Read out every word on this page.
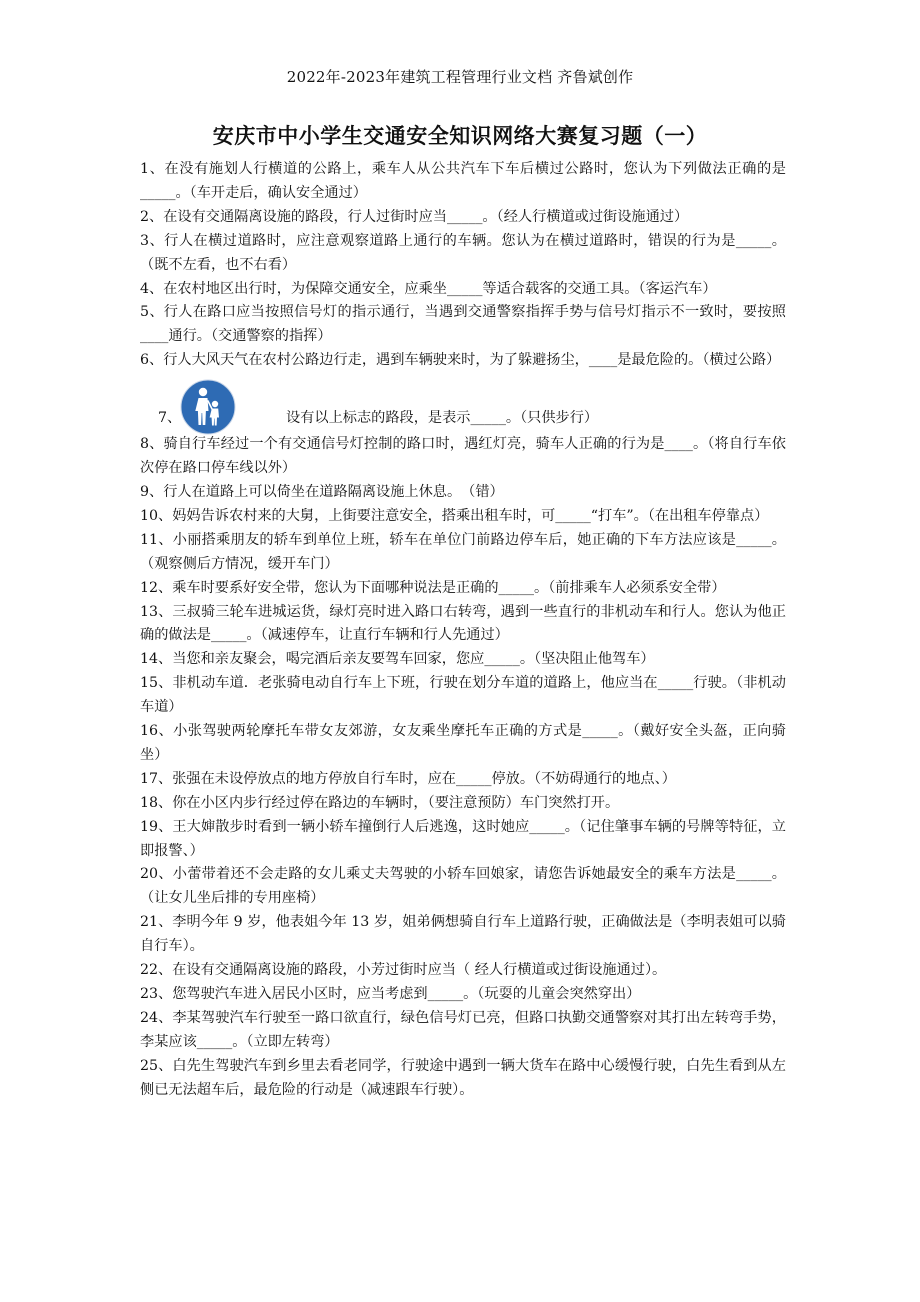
2022年-2023年建筑工程管理行业文档 齐鲁斌创作
安庆市中小学生交通安全知识网络大赛复习题（一）

1、在没有施划人行横道的公路上，乘车人从公共汽车下车后横过公路时，您认为下列做法正确的是_____。（车开走后，确认安全通过）

2、在设有交通隔离设施的路段，行人过街时应当_____。（经人行横道或过街设施通过）

3、行人在横过道路时，应注意观察道路上通行的车辆。您认为在横过道路时，错误的行为是_____。（既不左看，也不右看）

4、在农村地区出行时，为保障交通安全，应乘坐_____等适合载客的交通工具。（客运汽车）

5、行人在路口应当按照信号灯的指示通行，当遇到交通警察指挥手势与信号灯指示不一致时，要按照____通行。（交通警察的指挥）

6、行人大风天气在农村公路边行走，遇到车辆驶来时，为了躲避扬尘，____是最危险的。（横过公路）

7、	设有以上标志的路段，是表示_____。（只供步行）

8、骑自行车经过一个有交通信号灯控制的路口时，遇红灯亮，骑车人正确的行为是____。（将自行车依次停在路口停车线以外）

9、行人在道路上可以倚坐在道路隔离设施上休息。　（错）

10、妈妈告诉农村来的大舅，上街要注意安全，搭乘出租车时，可_____“打车”。（在出租车停靠点）

11、小丽搭乘朋友的轿车到单位上班，轿车在单位门前路边停车后，她正确的下车方法应该是_____。（观察侧后方情况，缓开车门）

12、乘车时要系好安全带，您认为下面哪种说法是正确的_____。（前排乘车人必须系安全带）

13、三叔骑三轮车进城运货，绿灯亮时进入路口右转弯，遇到一些直行的非机动车和行人。您认为他正确的做法是_____。（减速停车，让直行车辆和行人先通过）

14、当您和亲友聚会，喝完酒后亲友要驾车回家，您应_____。（坚决阻止他驾车）

15、非机动车道．老张骑电动自行车上下班，行驶在划分车道的道路上，他应当在_____行驶。（非机动车道）

16、小张驾驶两轮摩托车带女友郊游，女友乘坐摩托车正确的方式是_____。（戴好安全头盔，正向骑坐）

17、张强在未设停放点的地方停放自行车时，应在_____停放。（不妨碍通行的地点、）

18、你在小区内步行经过停在路边的车辆时，（要注意预防）车门突然打开。

19、王大婶散步时看到一辆小轿车撞倒行人后逃逸，这时她应_____。（记住肇事车辆的号牌等特征，立即报警、）

20、小蕾带着还不会走路的女儿乘丈夫驾驶的小轿车回娘家，请您告诉她最安全的乘车方法是_____。（让女儿坐后排的专用座椅）

21、李明今年 9 岁，他表姐今年 13 岁，姐弟俩想骑自行车上道路行驶，正确做法是（李明表姐可以骑自行车）。

22、在设有交通隔离设施的路段，小芳过街时应当（ 经人行横道或过街设施通过）。

23、您驾驶汽车进入居民小区时，应当考虑到_____。（玩耍的儿童会突然穿出）

24、李某驾驶汽车行驶至一路口欲直行，绿色信号灯已亮，但路口执勤交通警察对其打出左转弯手势，李某应该_____。（立即左转弯）

25、白先生驾驶汽车到乡里去看老同学，行驶途中遇到一辆大货车在路中心缓慢行驶，白先生看到从左侧已无法超车后，最危险的行动是（减速跟车行驶）。
